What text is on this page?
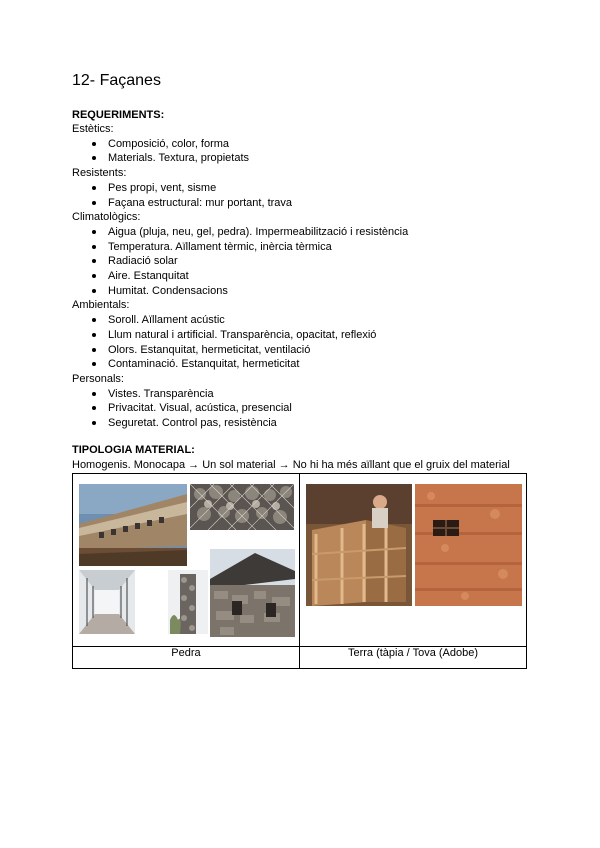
12- Façanes
REQUERIMENTS:

Estètics:

Composició, color, forma
Materials. Textura, propietats

Resistents:

Pes propi, vent, sisme
Façana estructural: mur portant, trava

Climatològics:

Aigua (pluja, neu, gel, pedra). Impermeabilització i resistència
Temperatura. Aïllament tèrmic, inèrcia tèrmica
Radiació solar
Aire. Estanquitat
Humitat. Condensacions

Ambientals:

Soroll. Aïllament acústic
Llum natural i artificial. Transparència, opacitat, reflexió
Olors. Estanquitat, hermeticitat, ventilació
Contaminació. Estanquitat, hermeticitat

Personals:

Vistes. Transparència
Privacitat. Visual, acústica, presencial
Seguretat. Control pas, resistència
TIPOLOGIA MATERIAL:
Homogenis. Monocapa → Un sol material → No hi ha més aïllant que el gruix del material

Pedra	Terra (tàpia / Tova (Adobe)
